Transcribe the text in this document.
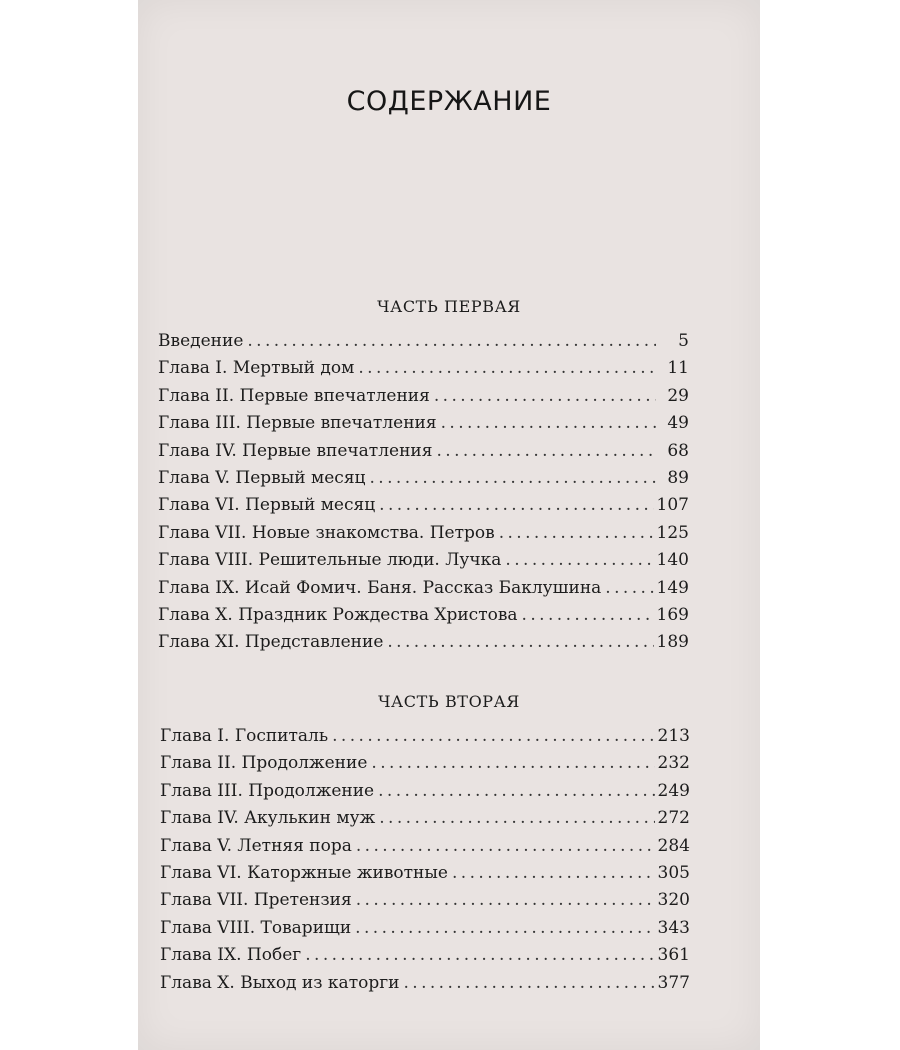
СОДЕРЖАНИЕ
ЧАСТЬ ПЕРВАЯ
Введение . . .	5
Глава I. Мертвый дом . . .	11
Глава II. Первые впечатления . . .	29
Глава III. Первые впечатления . . .	49
Глава IV. Первые впечатления . . .	68
Глава V. Первый месяц . . .	89
Глава VI. Первый месяц . . .	107
Глава VII. Новые знакомства. Петров . . .	125
Глава VIII. Решительные люди. Лучка . . .	140
Глава IX. Исай Фомич. Баня. Рассказ Баклушина . . .	149
Глава X. Праздник Рождества Христова . . .	169
Глава XI. Представление . . .	189
ЧАСТЬ ВТОРАЯ
Глава I. Госпиталь . . .	213
Глава II. Продолжение . . .	232
Глава III. Продолжение . . .	249
Глава IV. Акулькин муж . . .	272
Глава V. Летняя пора . . .	284
Глава VI. Каторжные животные . . .	305
Глава VII. Претензия . . .	320
Глава VIII. Товарищи . . .	343
Глава IX. Побег . . .	361
Глава X. Выход из каторги . . .	377
